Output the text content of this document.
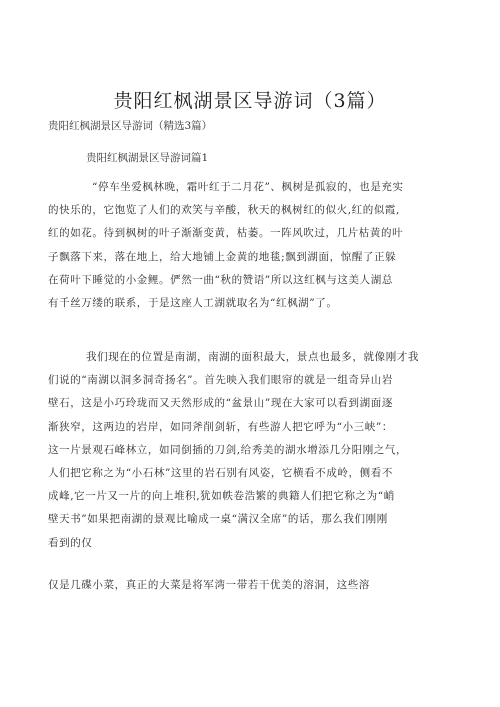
贵阳红枫湖景区导游词（3篇）
贵阳红枫湖景区导游词（精选3篇）
贵阳红枫湖景区导游词篇1
“停车坐爱枫林晚，霜叶红于二月花”、枫树是孤寂的，也是充实
的快乐的，它饱览了人们的欢笑与辛酸，秋天的枫树红的似火,红的似霞,
红的如花。待到枫树的叶子渐渐变黄，枯萎。一阵风吹过，几片枯黄的叶
子飘落下来，落在地上，给大地铺上金黄的地毯;飘到湖面，惊醒了正躲
在荷叶下睡觉的小金鲤。俨然一曲“秋的赞语”所以这红枫与这美人湖总
有千丝万缕的联系，于是这座人工湖就取名为“红枫湖”了。
我们现在的位置是南湖，南湖的面积最大，景点也最多，就像刚才我
们说的“南湖以洞多洞奇扬名”。首先映入我们眼帘的就是一组奇异山岩
壁石，这是小巧玲珑而又天然形成的“盆景山”现在大家可以看到湖面逐
渐狭窄，这两边的岩岸，如同斧削剑斩，有些游人把它呼为“小三峡”：
这一片景观石峰林立，如同倒插的刀剑,给秀美的湖水增添几分阳刚之气，
人们把它称之为“小石林”这里的岩石别有风姿，它横看不成岭，侧看不
成峰,它一片又一片的向上堆积,犹如帙卷浩繁的典籍人们把它称之为“峭
壁天书”如果把南湖的景观比喻成一桌“满汉全席”的话，那么我们刚刚
看到的仅
仅是几碟小菜，真正的大菜是将军湾一带若干优美的溶洞，这些溶
